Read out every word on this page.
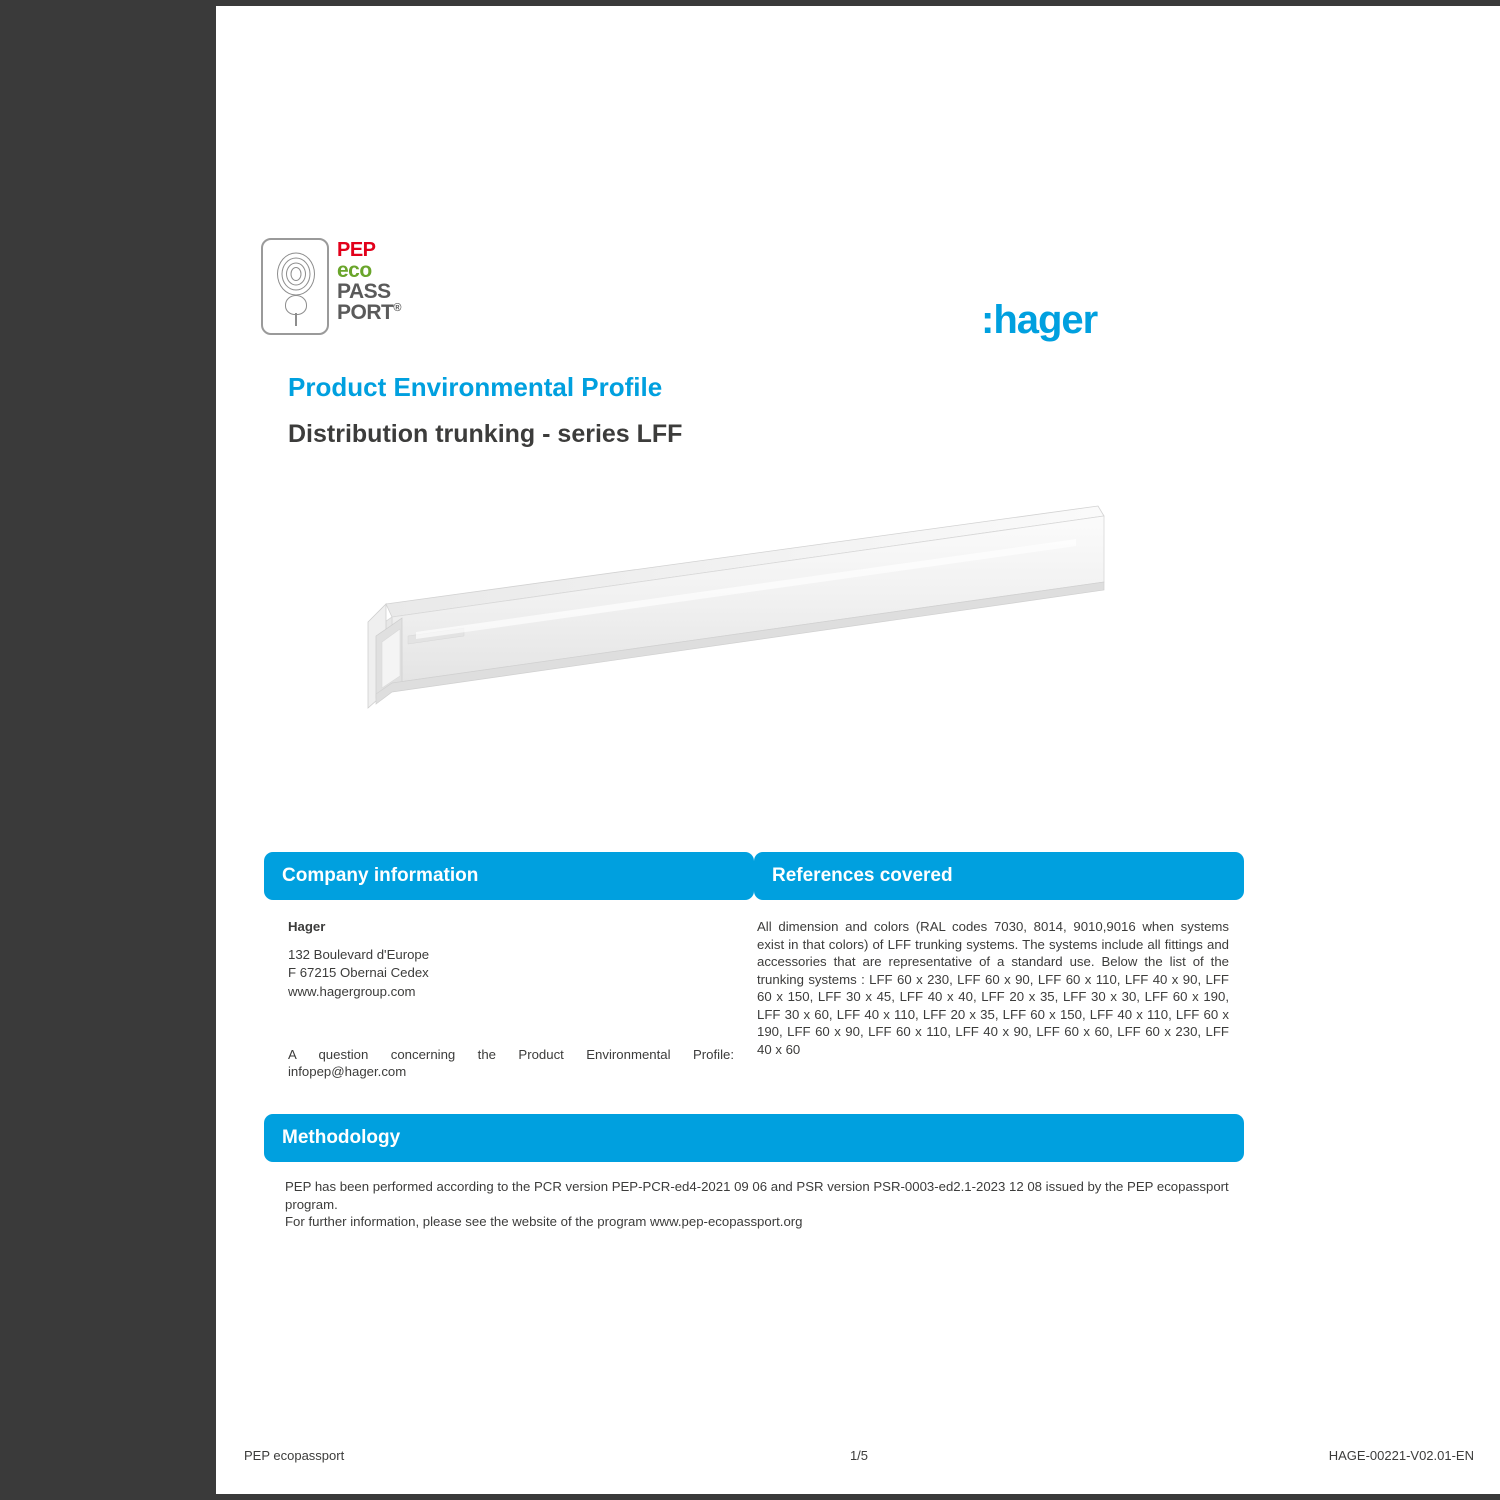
PEP
eco
PASS
PORT®	:hager
Product Environmental Profile
Distribution trunking - series LFF
Company information
Hager
132 Boulevard d'Europe
F 67215 Obernai Cedex
www.hagergroup.com
A question concerning the Product Environmental Profile: infopep@hager.com
References covered
All dimension and colors (RAL codes 7030, 8014, 9010,9016 when systems exist in that colors) of LFF trunking systems. The systems include all fittings and accessories that are representative of a standard use. Below the list of the trunking systems : LFF 60 x 230, LFF 60 x 90, LFF 60 x 110, LFF 40 x 90, LFF 60 x 150, LFF 30 x 45, LFF 40 x 40, LFF 20 x 35, LFF 30 x 30, LFF 60 x 190, LFF 30 x 60, LFF 40 x 110, LFF 20 x 35, LFF 60 x 150, LFF 40 x 110, LFF 60 x 190, LFF 60 x 90, LFF 60 x 110, LFF 40 x 90, LFF 60 x 60, LFF 60 x 230, LFF 40 x 60
Methodology

PEP has been performed according to the PCR version PEP-PCR-ed4-2021 09 06 and PSR version PSR-0003-ed2.1-2023 12 08 issued by the PEP ecopassport program.

For further information, please see the website of the program www.pep-ecopassport.org

PEP ecopassport	1/5	HAGE-00221-V02.01-EN
